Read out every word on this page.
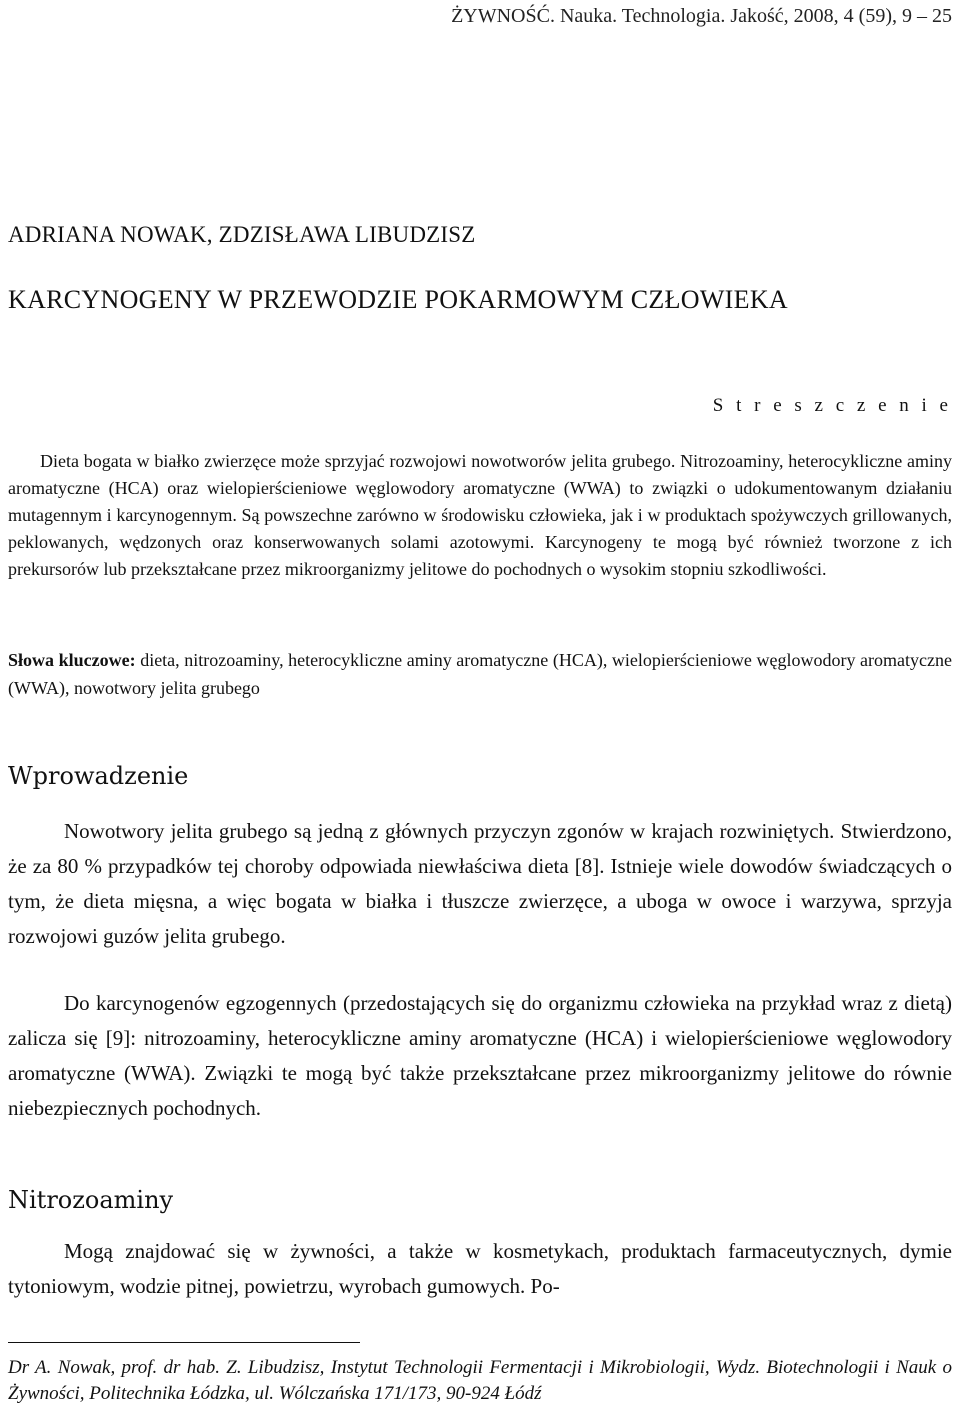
ŻYWNOŚĆ. Nauka. Technologia. Jakość, 2008, 4 (59), 9 – 25
ADRIANA NOWAK, ZDZISŁAWA LIBUDZISZ
KARCYNOGENY W PRZEWODZIE POKARMOWYM CZŁOWIEKA
S t r e s z c z e n i e

Dieta bogata w białko zwierzęce może sprzyjać rozwojowi nowotworów jelita grubego. Nitrozoaminy, heterocykliczne aminy aromatyczne (HCA) oraz wielopierścieniowe węglowodory aromatyczne (WWA) to związki o udokumentowanym działaniu mutagennym i karcynogennym. Są powszechne zarówno w środowisku człowieka, jak i w produktach spożywczych grillowanych, peklowanych, wędzonych oraz konserwowanych solami azotowymi. Karcynogeny te mogą być również tworzone z ich prekursorów lub przekształcane przez mikroorganizmy jelitowe do pochodnych o wysokim stopniu szkodliwości.

Słowa kluczowe: dieta, nitrozoaminy, heterocykliczne aminy aromatyczne (HCA), wielopierścieniowe węglowodory aromatyczne (WWA), nowotwory jelita grubego

Wprowadzenie

Nowotwory jelita grubego są jedną z głównych przyczyn zgonów w krajach rozwiniętych. Stwierdzono, że za 80 % przypadków tej choroby odpowiada niewłaściwa dieta [8]. Istnieje wiele dowodów świadczących o tym, że dieta mięsna, a więc bogata w białka i tłuszcze zwierzęce, a uboga w owoce i warzywa, sprzyja rozwojowi guzów jelita grubego.

Do karcynogenów egzogennych (przedostających się do organizmu człowieka na przykład wraz z dietą) zalicza się [9]: nitrozoaminy, heterocykliczne aminy aromatyczne (HCA) i wielopierścieniowe węglowodory aromatyczne (WWA). Związki te mogą być także przekształcane przez mikroorganizmy jelitowe do równie niebezpiecznych pochodnych.

Nitrozoaminy

Mogą znajdować się w żywności, a także w kosmetykach, produktach farmaceutycznych, dymie tytoniowym, wodzie pitnej, powietrzu, wyrobach gumowych. Po-

Dr A. Nowak, prof. dr hab. Z. Libudzisz, Instytut Technologii Fermentacji i Mikrobiologii, Wydz. Biotechnologii i Nauk o Żywności, Politechnika Łódzka, ul. Wólczańska 171/173, 90-924 Łódź
